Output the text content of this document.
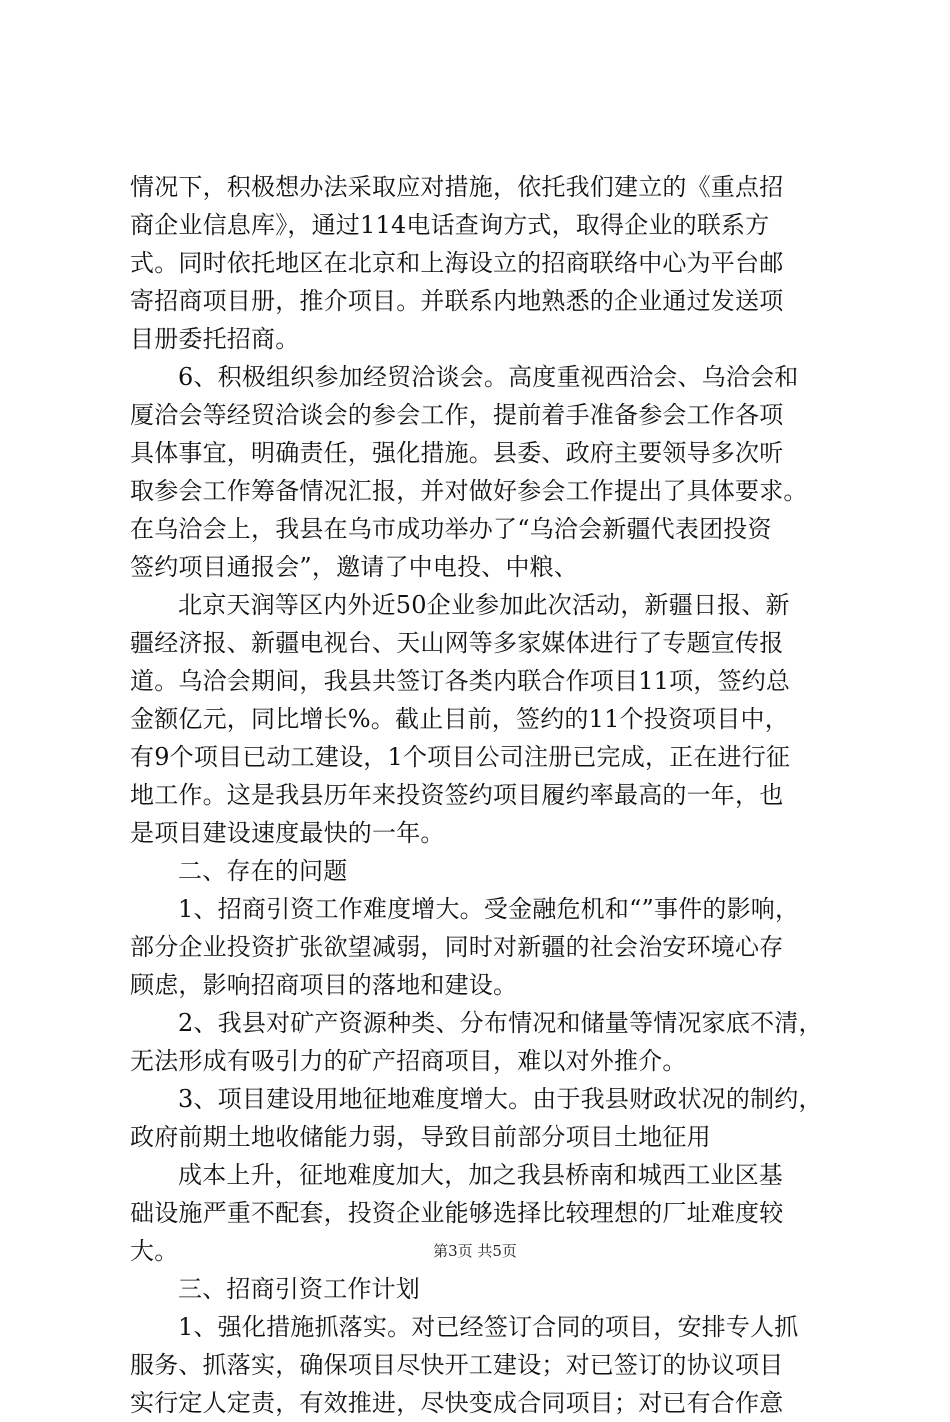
情况下，积极想办法采取应对措施，依托我们建立的《重点招
商企业信息库》，通过114电话查询方式，取得企业的联系方
式。同时依托地区在北京和上海设立的招商联络中心为平台邮
寄招商项目册，推介项目。并联系内地熟悉的企业通过发送项
目册委托招商。
6、积极组织参加经贸洽谈会。高度重视西洽会、乌洽会和
厦洽会等经贸洽谈会的参会工作，提前着手准备参会工作各项
具体事宜，明确责任，强化措施。县委、政府主要领导多次听
取参会工作筹备情况汇报，并对做好参会工作提出了具体要求。
在乌洽会上，我县在乌市成功举办了“乌洽会新疆代表团投资
签约项目通报会”，邀请了中电投、中粮、
北京天润等区内外近50企业参加此次活动，新疆日报、新
疆经济报、新疆电视台、天山网等多家媒体进行了专题宣传报
道。乌洽会期间，我县共签订各类内联合作项目11项，签约总
金额亿元，同比增长%。截止目前，签约的11个投资项目中，
有9个项目已动工建设，1个项目公司注册已完成，正在进行征
地工作。这是我县历年来投资签约项目履约率最高的一年，也
是项目建设速度最快的一年。
二、存在的问题
1、招商引资工作难度增大。受金融危机和“”事件的影响，
部分企业投资扩张欲望减弱，同时对新疆的社会治安环境心存
顾虑，影响招商项目的落地和建设。
2、我县对矿产资源种类、分布情况和储量等情况家底不清，
无法形成有吸引力的矿产招商项目，难以对外推介。
3、项目建设用地征地难度增大。由于我县财政状况的制约，
政府前期土地收储能力弱，导致目前部分项目土地征用
成本上升，征地难度加大，加之我县桥南和城西工业区基
础设施严重不配套，投资企业能够选择比较理想的厂址难度较
大。
三、招商引资工作计划
1、强化措施抓落实。对已经签订合同的项目，安排专人抓
服务、抓落实，确保项目尽快开工建设；对已签订的协议项目
实行定人定责，有效推进，尽快变成合同项目；对已有合作意
第3页 共5页
